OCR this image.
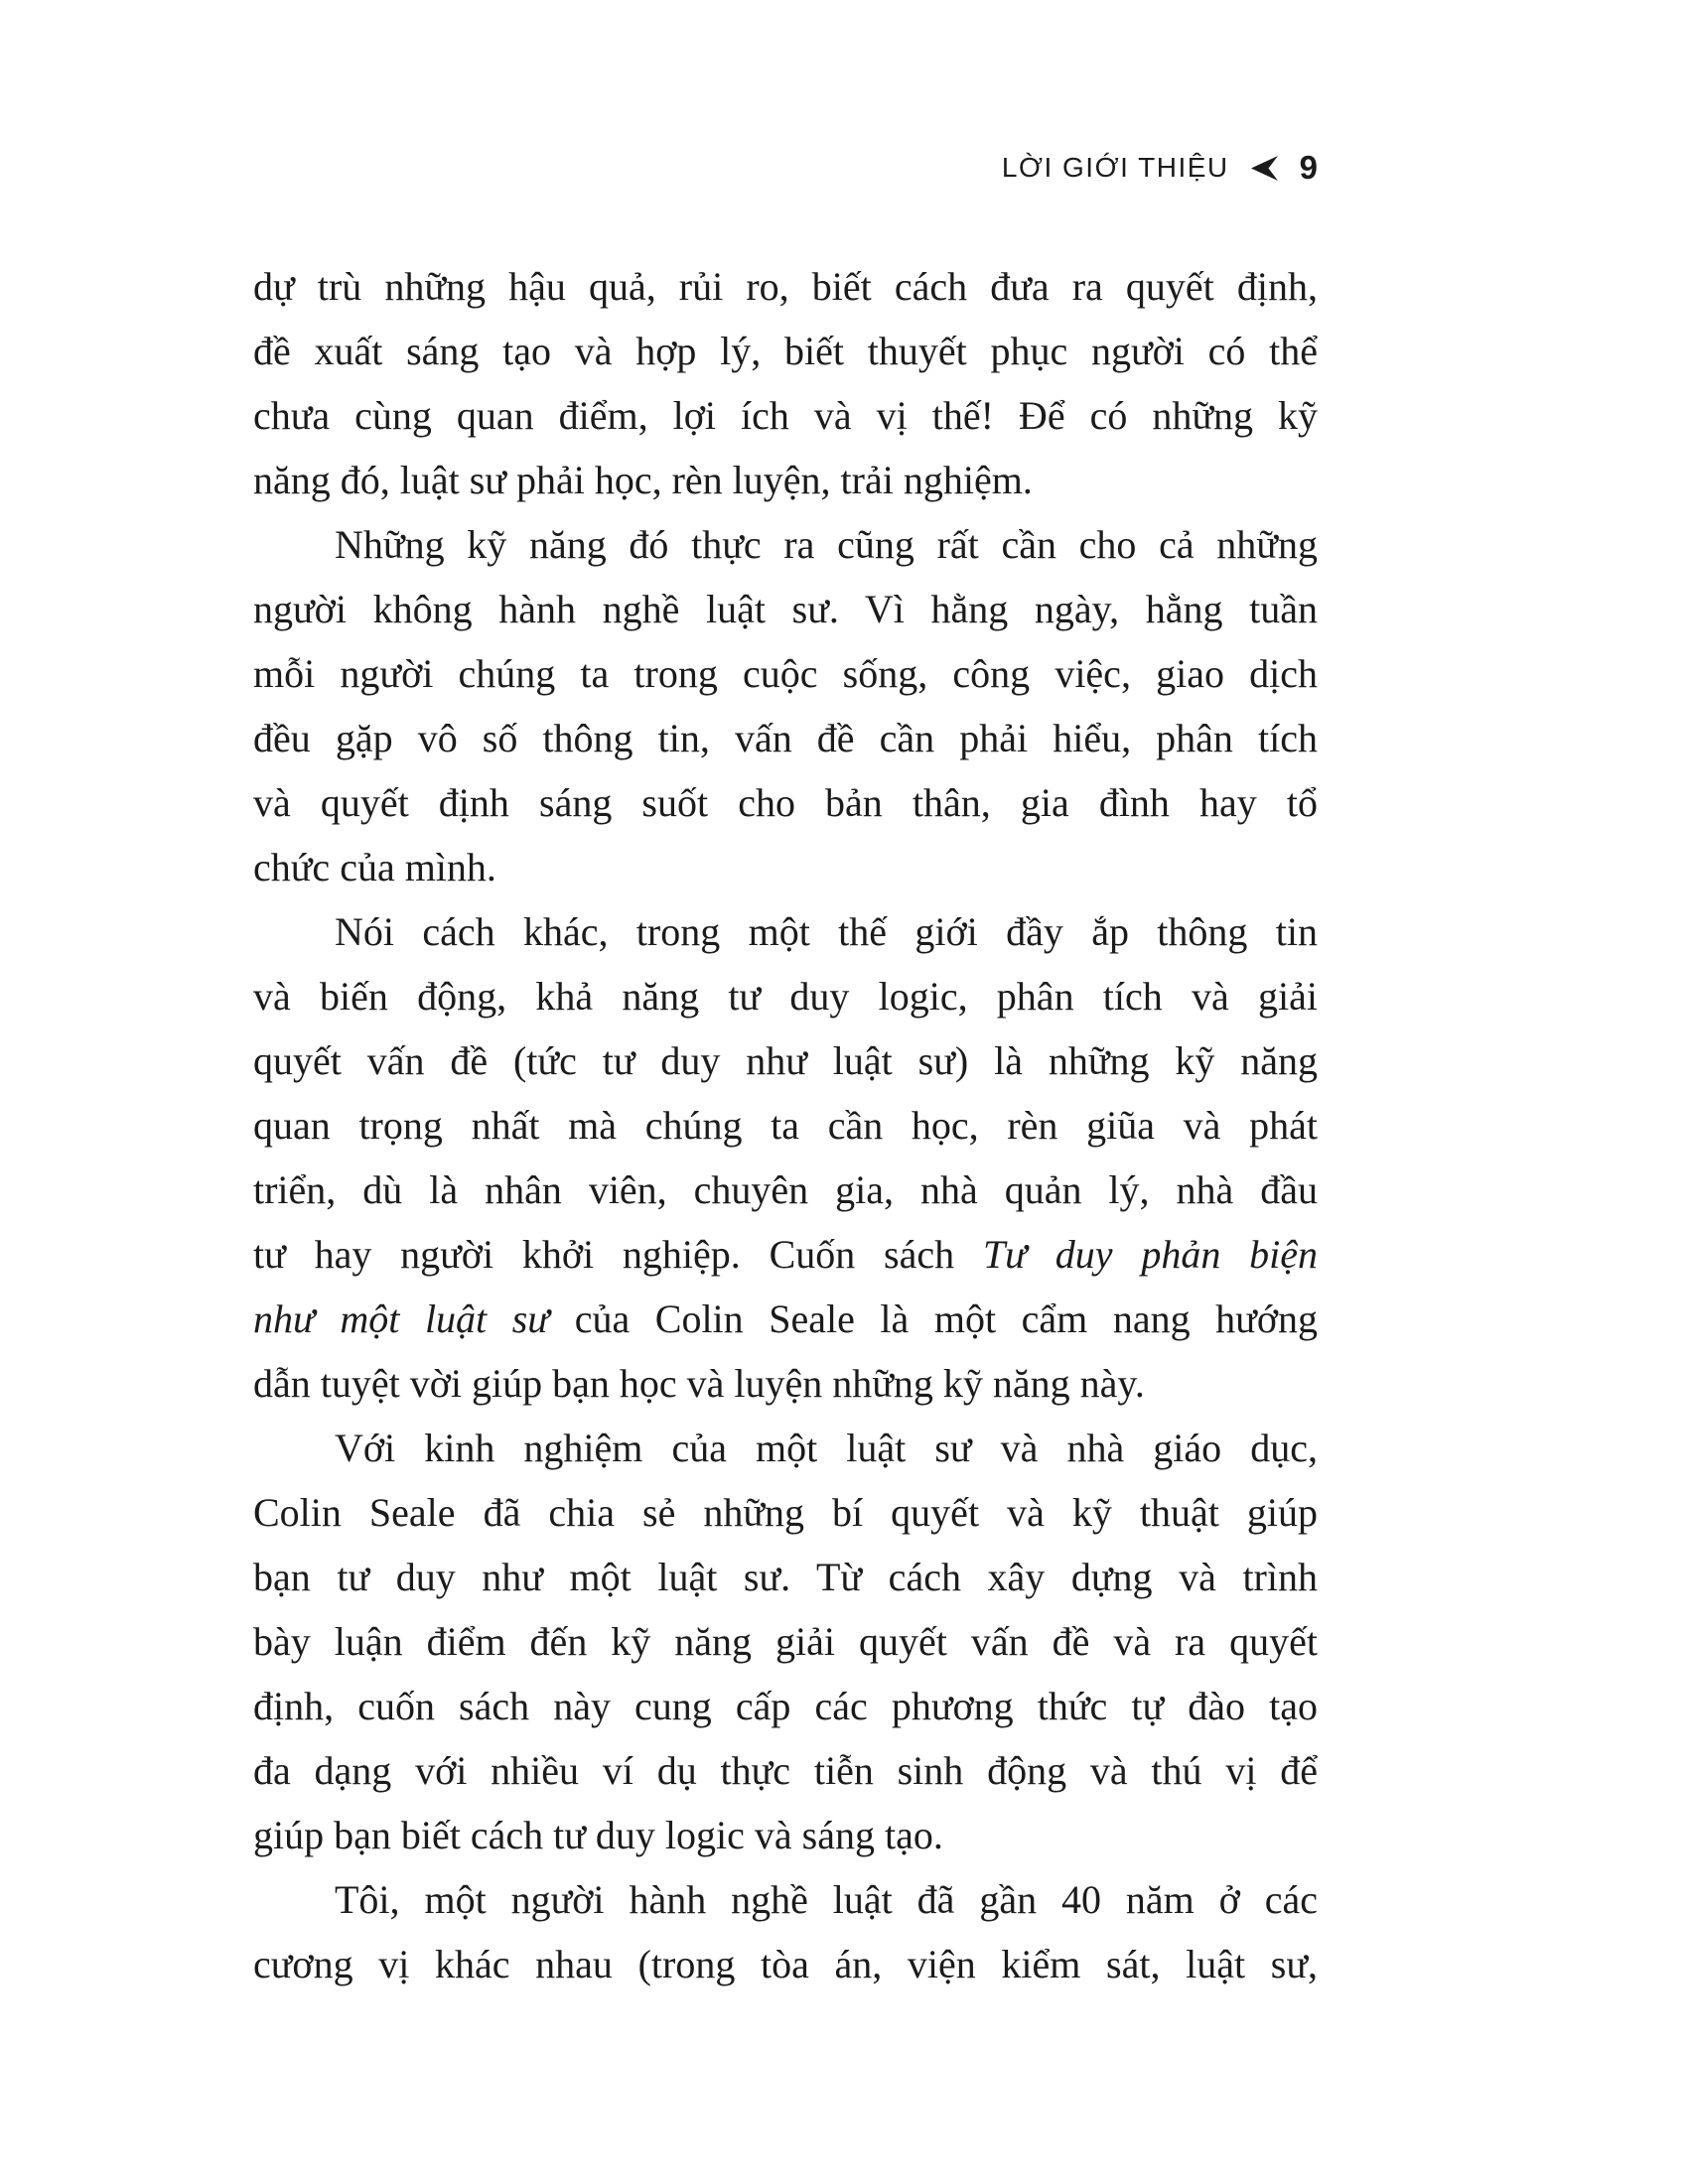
LỜI GIỚI THIỆU 9
dự trù những hậu quả, rủi ro, biết cách đưa ra quyết định,
đề xuất sáng tạo và hợp lý, biết thuyết phục người có thể
chưa cùng quan điểm, lợi ích và vị thế! Để có những kỹ
năng đó, luật sư phải học, rèn luyện, trải nghiệm.
Những kỹ năng đó thực ra cũng rất cần cho cả những
người không hành nghề luật sư. Vì hằng ngày, hằng tuần
mỗi người chúng ta trong cuộc sống, công việc, giao dịch
đều gặp vô số thông tin, vấn đề cần phải hiểu, phân tích
và quyết định sáng suốt cho bản thân, gia đình hay tổ
chức của mình.
Nói cách khác, trong một thế giới đầy ắp thông tin
và biến động, khả năng tư duy logic, phân tích và giải
quyết vấn đề (tức tư duy như luật sư) là những kỹ năng
quan trọng nhất mà chúng ta cần học, rèn giũa và phát
triển, dù là nhân viên, chuyên gia, nhà quản lý, nhà đầu
tư hay người khởi nghiệp. Cuốn sách Tư duy phản biện
như một luật sư của Colin Seale là một cẩm nang hướng
dẫn tuyệt vời giúp bạn học và luyện những kỹ năng này.
Với kinh nghiệm của một luật sư và nhà giáo dục,
Colin Seale đã chia sẻ những bí quyết và kỹ thuật giúp
bạn tư duy như một luật sư. Từ cách xây dựng và trình
bày luận điểm đến kỹ năng giải quyết vấn đề và ra quyết
định, cuốn sách này cung cấp các phương thức tự đào tạo
đa dạng với nhiều ví dụ thực tiễn sinh động và thú vị để
giúp bạn biết cách tư duy logic và sáng tạo.
Tôi, một người hành nghề luật đã gần 40 năm ở các
cương vị khác nhau (trong tòa án, viện kiểm sát, luật sư,
